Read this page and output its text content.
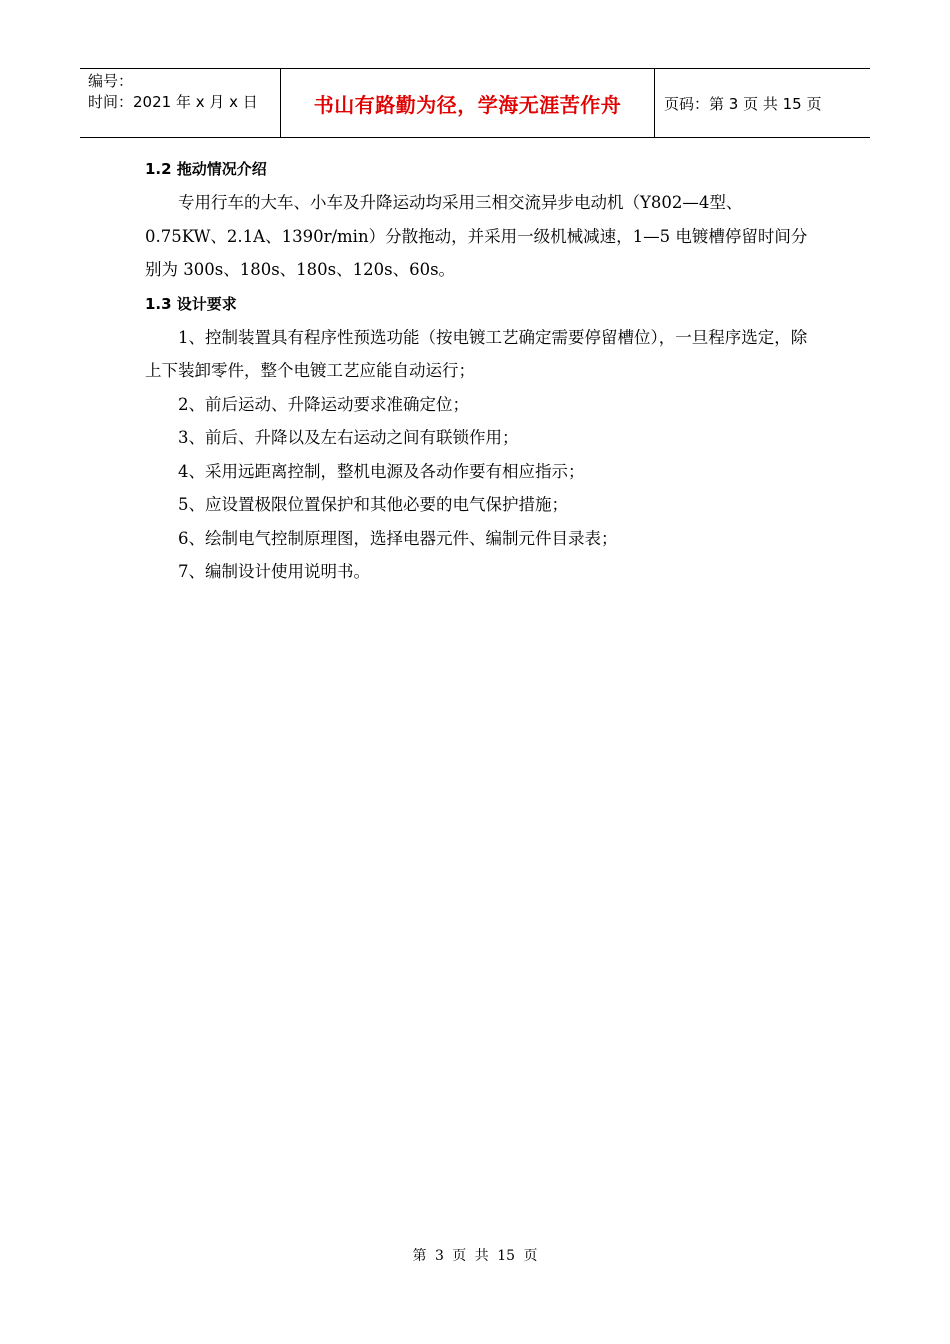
编号：
时间：2021 年 x 月 x 日	书山有路勤为径，学海无涯苦作舟	页码：第 3 页 共 15 页
1.2 拖动情况介绍

专用行车的大车、小车及升降运动均采用三相交流异步电动机（Y802—4型、0.75KW、2.1A、1390r/min）分散拖动，并采用一级机械减速，1—5 电镀槽停留时间分别为 300s、180s、180s、120s、60s。

1.3 设计要求

1、控制装置具有程序性预选功能（按电镀工艺确定需要停留槽位），一旦程序选定，除上下装卸零件，整个电镀工艺应能自动运行；

2、前后运动、升降运动要求准确定位；

3、前后、升降以及左右运动之间有联锁作用；

4、采用远距离控制，整机电源及各动作要有相应指示；

5、应设置极限位置保护和其他必要的电气保护措施；

6、绘制电气控制原理图，选择电器元件、编制元件目录表；

7、编制设计使用说明书。

第 3 页 共 15 页
